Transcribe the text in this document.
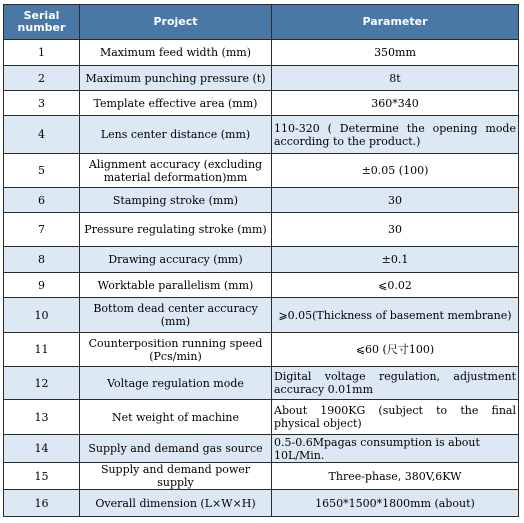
Serial number	Project	Parameter
1	Maximum feed width (mm)	350mm
2	Maximum punching pressure (t)	8t
3	Template effective area (mm)	360*340
4	Lens center distance (mm)	110-320 ( Determine the opening mode according to the product.)
5	Alignment accuracy (excluding material deformation)mm	±0.05 (100)
6	Stamping stroke (mm)	30
7	Pressure regulating stroke (mm)	30
8	Drawing accuracy (mm)	±0.1
9	Worktable parallelism (mm)	⩽0.02
10	Bottom dead center accuracy (mm)	⩾0.05(Thickness of basement membrane)
11	Counterposition running speed (Pcs/min)	⩽60 (尺寸100)
12	Voltage regulation mode	Digital voltage regulation, adjustment accuracy 0.01mm
13	Net weight of machine	About 1900KG (subject to the final physical object)
14	Supply and demand gas source	0.5-0.6Mpagas consumption is about 10L/Min.
15	Supply and demand power supply	Three-phase, 380V,6KW
16	Overall dimension (L×W×H)	1650*1500*1800mm (about)
